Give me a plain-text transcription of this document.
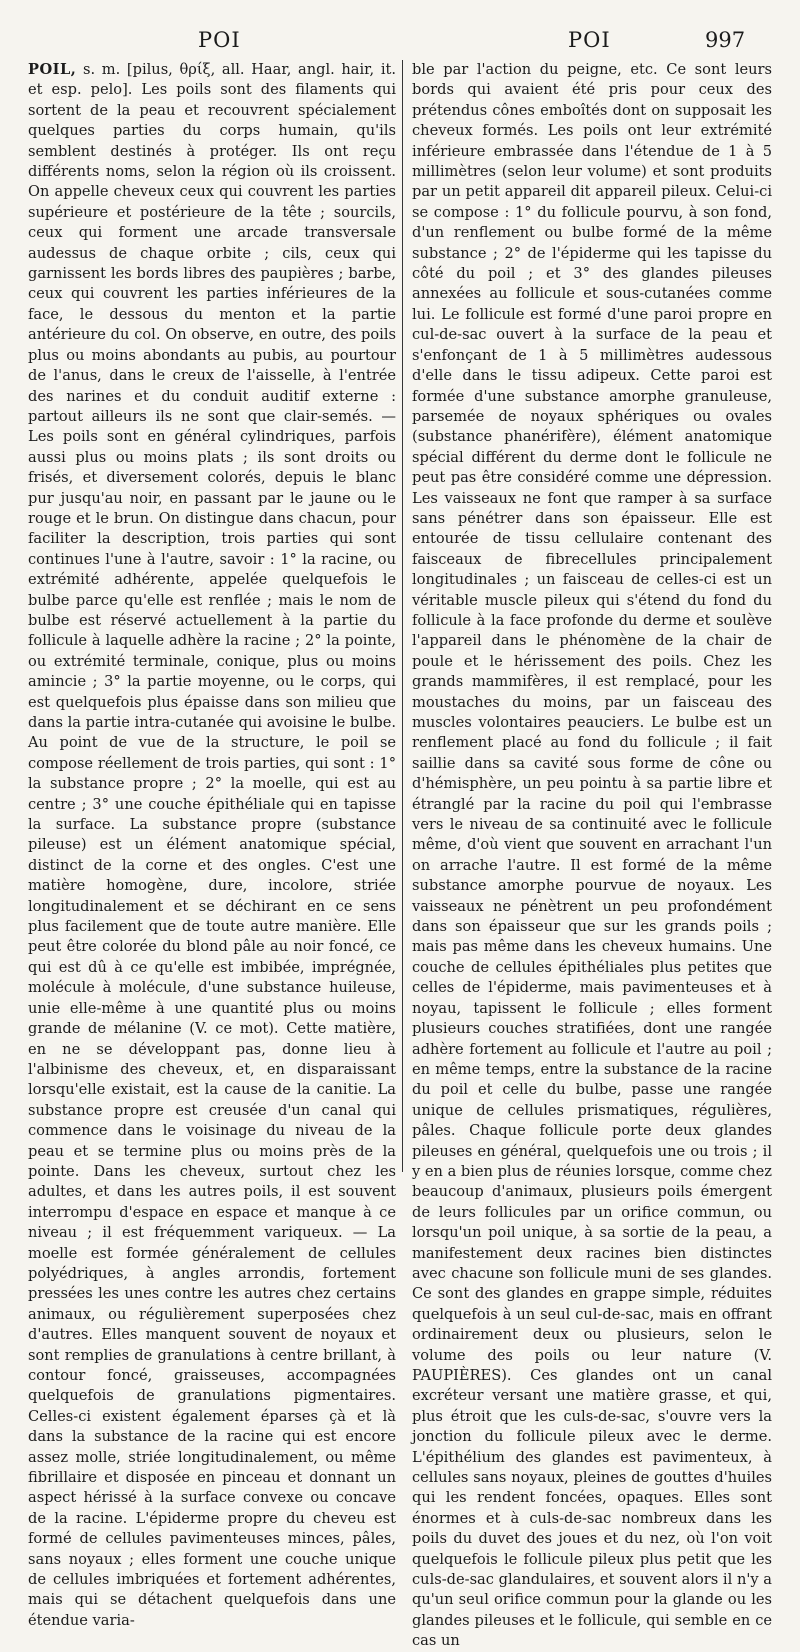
POI	POI	997

POIL, s. m. [pilus, θρίξ, all. Haar, angl. hair, it. et esp. pelo]. Les poils sont des filaments qui sortent de la peau et recouvrent spécialement quelques parties du corps humain, qu'ils semblent destinés à protéger. Ils ont reçu différents noms, selon la région où ils croissent. On appelle cheveux ceux qui couvrent les parties supérieure et postérieure de la tête ; sourcils, ceux qui forment une arcade transversale audessus de chaque orbite ; cils, ceux qui garnissent les bords libres des paupières ; barbe, ceux qui couvrent les parties inférieures de la face, le dessous du menton et la partie antérieure du col. On observe, en outre, des poils plus ou moins abondants au pubis, au pourtour de l'anus, dans le creux de l'aisselle, à l'entrée des narines et du conduit auditif externe : partout ailleurs ils ne sont que clair-semés. — Les poils sont en général cylindriques, parfois aussi plus ou moins plats ; ils sont droits ou frisés, et diversement colorés, depuis le blanc pur jusqu'au noir, en passant par le jaune ou le rouge et le brun. On distingue dans chacun, pour faciliter la description, trois parties qui sont continues l'une à l'autre, savoir : 1° la racine, ou extrémité adhérente, appelée quelquefois le bulbe parce qu'elle est renflée ; mais le nom de bulbe est réservé actuellement à la partie du follicule à laquelle adhère la racine ; 2° la pointe, ou extrémité terminale, conique, plus ou moins amincie ; 3° la partie moyenne, ou le corps, qui est quelquefois plus épaisse dans son milieu que dans la partie intra-cutanée qui avoisine le bulbe. Au point de vue de la structure, le poil se compose réellement de trois parties, qui sont : 1° la substance propre ; 2° la moelle, qui est au centre ; 3° une couche épithéliale qui en tapisse la surface. La substance propre (substance pileuse) est un élément anatomique spécial, distinct de la corne et des ongles. C'est une matière homogène, dure, incolore, striée longitudinalement et se déchirant en ce sens plus facilement que de toute autre manière. Elle peut être colorée du blond pâle au noir foncé, ce qui est dû à ce qu'elle est imbibée, imprégnée, molécule à molécule, d'une substance huileuse, unie elle-même à une quantité plus ou moins grande de mélanine (V. ce mot). Cette matière, en ne se développant pas, donne lieu à l'albinisme des cheveux, et, en disparaissant lorsqu'elle existait, est la cause de la canitie. La substance propre est creusée d'un canal qui commence dans le voisinage du niveau de la peau et se termine plus ou moins près de la pointe. Dans les cheveux, surtout chez les adultes, et dans les autres poils, il est souvent interrompu d'espace en espace et manque à ce niveau ; il est fréquemment variqueux. — La moelle est formée généralement de cellules polyédriques, à angles arrondis, fortement pressées les unes contre les autres chez certains animaux, ou régulièrement superposées chez d'autres. Elles manquent souvent de noyaux et sont remplies de granulations à centre brillant, à contour foncé, graisseuses, accompagnées quelquefois de granulations pigmentaires. Celles-ci existent également éparses çà et là dans la substance de la racine qui est encore assez molle, striée longitudinalement, ou même fibrillaire et disposée en pinceau et donnant un aspect hérissé à la surface convexe ou concave de la racine. L'épiderme propre du cheveu est formé de cellules pavimenteuses minces, pâles, sans noyaux ; elles forment une couche unique de cellules imbriquées et fortement adhérentes, mais qui se détachent quelquefois dans une étendue varia-

ble par l'action du peigne, etc. Ce sont leurs bords qui avaient été pris pour ceux des prétendus cônes emboîtés dont on supposait les cheveux formés. Les poils ont leur extrémité inférieure embrassée dans l'étendue de 1 à 5 millimètres (selon leur volume) et sont produits par un petit appareil dit appareil pileux. Celui-ci se compose : 1° du follicule pourvu, à son fond, d'un renflement ou bulbe formé de la même substance ; 2° de l'épiderme qui les tapisse du côté du poil ; et 3° des glandes pileuses annexées au follicule et sous-cutanées comme lui. Le follicule est formé d'une paroi propre en cul-de-sac ouvert à la surface de la peau et s'enfonçant de 1 à 5 millimètres audessous d'elle dans le tissu adipeux. Cette paroi est formée d'une substance amorphe granuleuse, parsemée de noyaux sphériques ou ovales (substance phanérifère), élément anatomique spécial différent du derme dont le follicule ne peut pas être considéré comme une dépression. Les vaisseaux ne font que ramper à sa surface sans pénétrer dans son épaisseur. Elle est entourée de tissu cellulaire contenant des faisceaux de fibrecellules principalement longitudinales ; un faisceau de celles-ci est un véritable muscle pileux qui s'étend du fond du follicule à la face profonde du derme et soulève l'appareil dans le phénomène de la chair de poule et le hérissement des poils. Chez les grands mammifères, il est remplacé, pour les moustaches du moins, par un faisceau des muscles volontaires peauciers. Le bulbe est un renflement placé au fond du follicule ; il fait saillie dans sa cavité sous forme de cône ou d'hémisphère, un peu pointu à sa partie libre et étranglé par la racine du poil qui l'embrasse vers le niveau de sa continuité avec le follicule même, d'où vient que souvent en arrachant l'un on arrache l'autre. Il est formé de la même substance amorphe pourvue de noyaux. Les vaisseaux ne pénètrent un peu profondément dans son épaisseur que sur les grands poils ; mais pas même dans les cheveux humains. Une couche de cellules épithéliales plus petites que celles de l'épiderme, mais pavimenteuses et à noyau, tapissent le follicule ; elles forment plusieurs couches stratifiées, dont une rangée adhère fortement au follicule et l'autre au poil ; en même temps, entre la substance de la racine du poil et celle du bulbe, passe une rangée unique de cellules prismatiques, régulières, pâles. Chaque follicule porte deux glandes pileuses en général, quelquefois une ou trois ; il y en a bien plus de réunies lorsque, comme chez beaucoup d'animaux, plusieurs poils émergent de leurs follicules par un orifice commun, ou lorsqu'un poil unique, à sa sortie de la peau, a manifestement deux racines bien distinctes avec chacune son follicule muni de ses glandes. Ce sont des glandes en grappe simple, réduites quelquefois à un seul cul-de-sac, mais en offrant ordinairement deux ou plusieurs, selon le volume des poils ou leur nature (V. PAUPIÈRES). Ces glandes ont un canal excréteur versant une matière grasse, et qui, plus étroit que les culs-de-sac, s'ouvre vers la jonction du follicule pileux avec le derme. L'épithélium des glandes est pavimenteux, à cellules sans noyaux, pleines de gouttes d'huiles qui les rendent foncées, opaques. Elles sont énormes et à culs-de-sac nombreux dans les poils du duvet des joues et du nez, où l'on voit quelquefois le follicule pileux plus petit que les culs-de-sac glandulaires, et souvent alors il n'y a qu'un seul orifice commun pour la glande ou les glandes pileuses et le follicule, qui semble en ce cas un
